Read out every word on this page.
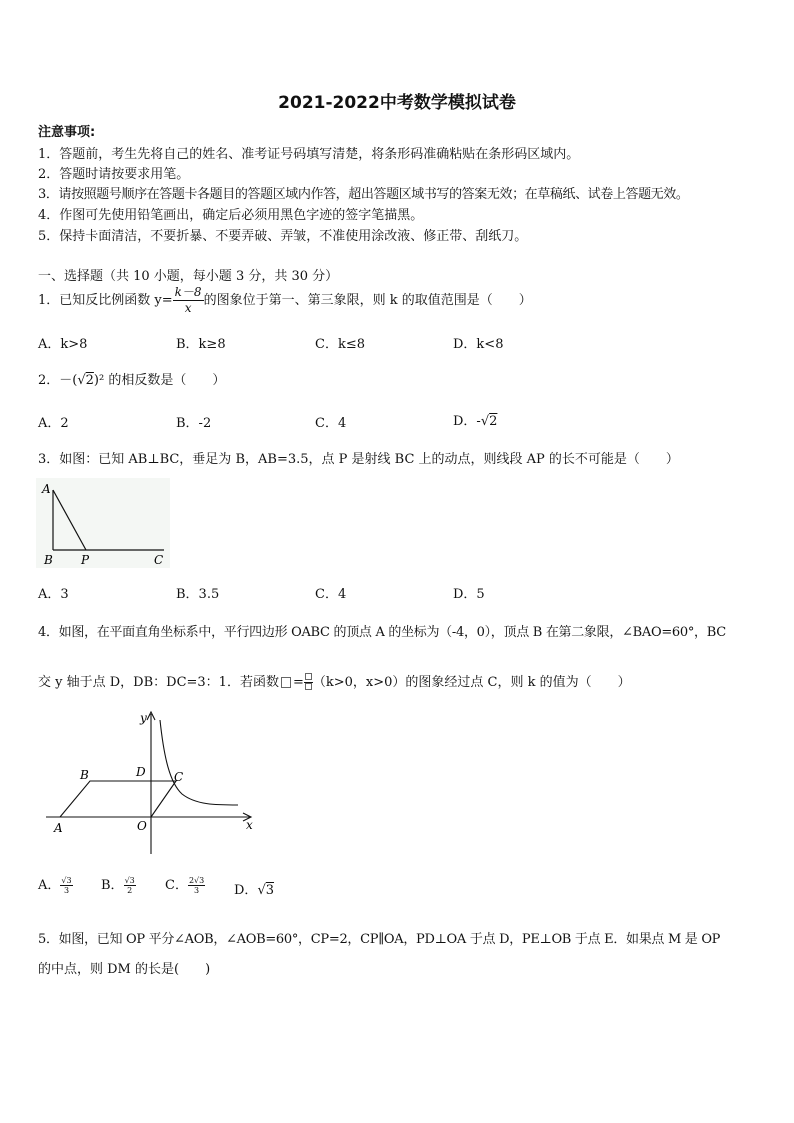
2021-2022中考数学模拟试卷
注意事项:
1．答题前，考生先将自己的姓名、准考证号码填写清楚，将条形码准确粘贴在条形码区域内。
2．答题时请按要求用笔。
3．请按照题号顺序在答题卡各题目的答题区域内作答，超出答题区域书写的答案无效；在草稿纸、试卷上答题无效。
4．作图可先使用铅笔画出，确定后必须用黑色字迹的签字笔描黑。
5．保持卡面清洁，不要折暴、不要弄破、弄皱，不准使用涂改液、修正带、刮纸刀。
一、选择题（共 10 小题，每小题 3 分，共 30 分）
1．已知反比例函数 $y= \frac{k-8}{x}$ 的图象位于第一、第三象限，则 k 的取值范围是（　　）
A．k>8	B．k≥8	C．k≤8	D．k<8
2．－(√2)² 的相反数是（　　）
A．2	B．-2	C．4	D．-√2
3．如图：已知 AB⊥BC，垂足为 B，AB=3.5，点 P 是射线 BC 上的动点，则线段 AP 的长不可能是（　　）
A
B P	C
A．3	B．3.5	C．4	D．5
4．如图，在平面直角坐标系中，平行四边形 OABC 的顶点 A 的坐标为（-4，0），顶点 B 在第二象限，∠BAO=60°，BC
交 y 轴于点 D，DB：DC=3：1．若函数 = （k>0，x>0）的图象经过点 C，则 k 的值为（　　）
y
x
B	D C
A	O
A． $\frac{√3}{3}$ B． $\frac{√3}{2}$ C． $\frac{2√3}{3}$ D．√3
5．如图，已知 OP 平分∠AOB，∠AOB=60°，CP=2，CP∥OA，PD⊥OA 于点 D，PE⊥OB 于点 E．如果点 M 是 OP
的中点，则 DM 的长是(　　)
